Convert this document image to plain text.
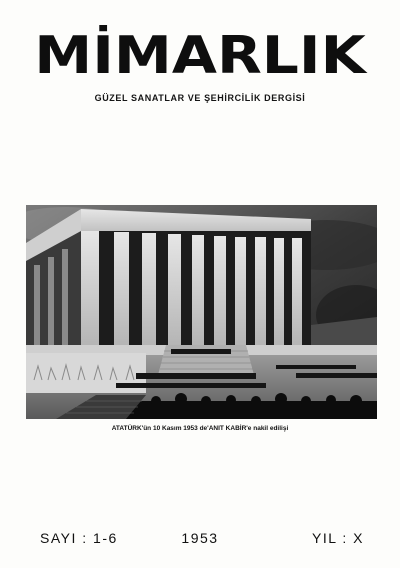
MİMARLIK
GÜZEL SANATLAR VE ŞEHİRCİLİK DERGİSİ
ATATÜRK'ün 10 Kasım 1953 de'ANIT KABİR'e nakil edilişi
SAYI : 1-6	1953	YIL : X
